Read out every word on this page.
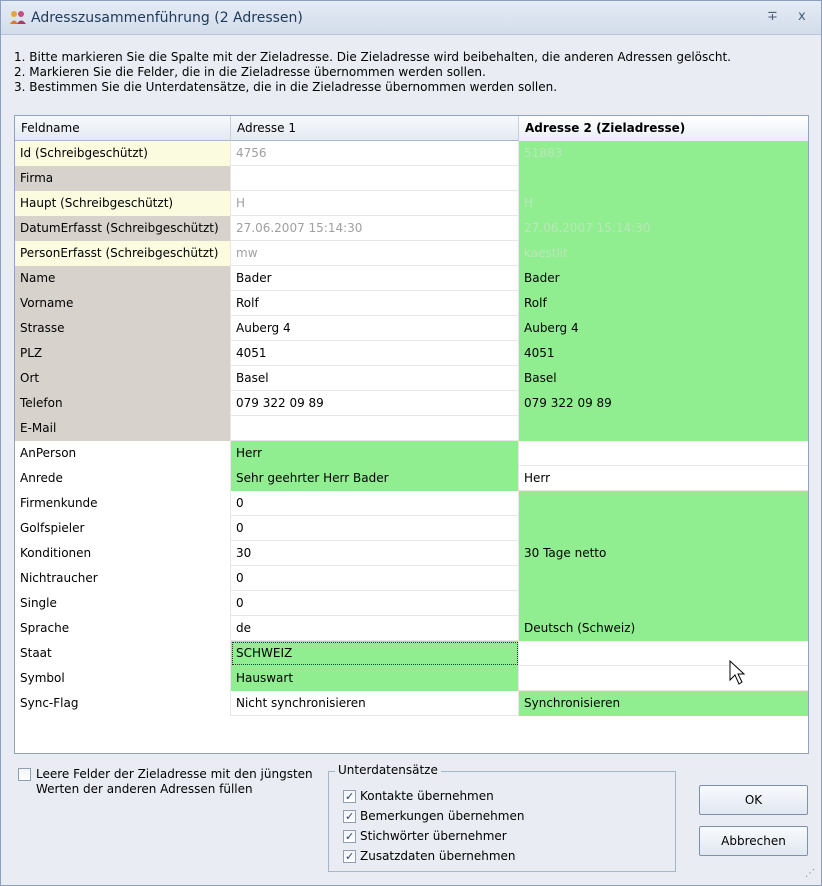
Adresszusammenführung (2 Adressen)	∓ x
1. Bitte markieren Sie die Spalte mit der Zieladresse. Die Zieladresse wird beibehalten, die anderen Adressen gelöscht.
2. Markieren Sie die Felder, die in die Zieladresse übernommen werden sollen.
3. Bestimmen Sie die Unterdatensätze, die in die Zieladresse übernommen werden sollen.
Feldname	Adresse 1	Adresse 2 (Zieladresse)
Id (Schreibgeschützt)	4756	51883
Firma
Haupt (Schreibgeschützt)	H	H
DatumErfasst (Schreibgeschützt)	27.06.2007 15:14:30	27.06.2007 15:14:30
PersonErfasst (Schreibgeschützt)	mw	kaestlit
Name	Bader	Bader
Vorname	Rolf	Rolf
Strasse	Auberg 4	Auberg 4
PLZ	4051	4051
Ort	Basel	Basel
Telefon	079 322 09 89	079 322 09 89
E-Mail
AnPerson	Herr
Anrede	Sehr geehrter Herr Bader	Herr
Firmenkunde	0
Golfspieler	0
Konditionen	30	30 Tage netto
Nichtraucher	0
Single	0
Sprache	de	Deutsch (Schweiz)
Staat	SCHWEIZ
Symbol	Hauswart
Sync-Flag	Nicht synchronisieren	Synchronisieren
Leere Felder der Zieladresse mit den jüngsten
Werten der anderen Adressen füllen
Unterdatensätze
✓Kontakte übernehmen
✓Bemerkungen übernehmen
✓Stichwörter übernehmer
✓Zusatzdaten übernehmen
OK
Abbrechen
⋰
